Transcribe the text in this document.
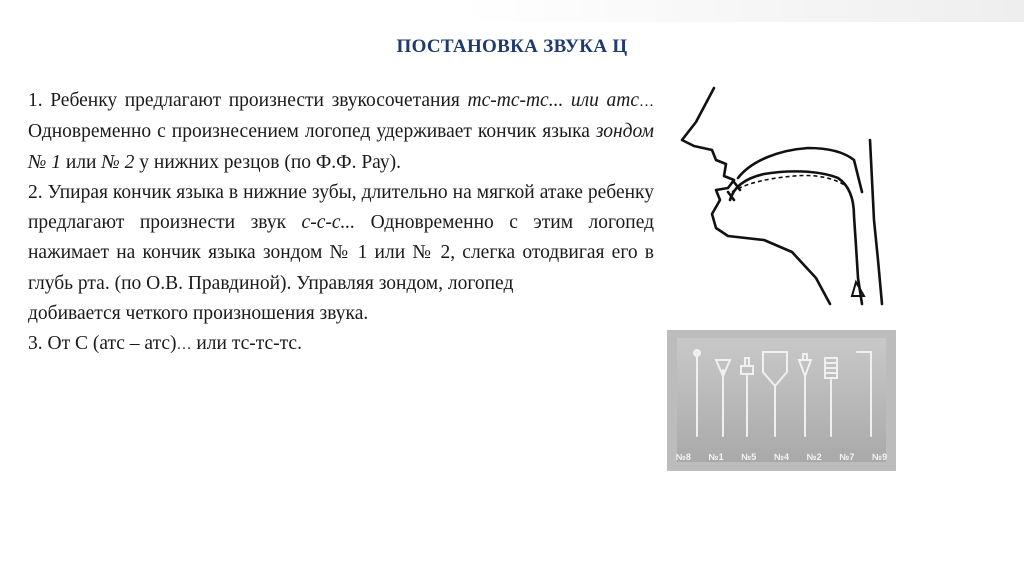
ПОСТАНОВКА ЗВУКА Ц

1. Ребенку предлагают произнести звукосочетания тс-тс-тс... или атс… Одновременно с произнесением логопед удерживает кончик языка зондом № 1 или № 2 у нижних резцов (по Ф.Ф. Рау).

2. Упирая кончик языка в нижние зубы, длительно на мягкой атаке ребенку предлагают произнести звук с-с-с... Одновременно с этим логопед нажимает на кончик языка зондом № 1 или № 2, слегка отодвигая его в глубь рта. (по О.В. Правдиной). Управляя зондом, логопед

добивается четкого произношения звука.

3. От С (атс – атс)… или тс-тс-тс.

№8 №1 №5 №4 №2 №7 №9
